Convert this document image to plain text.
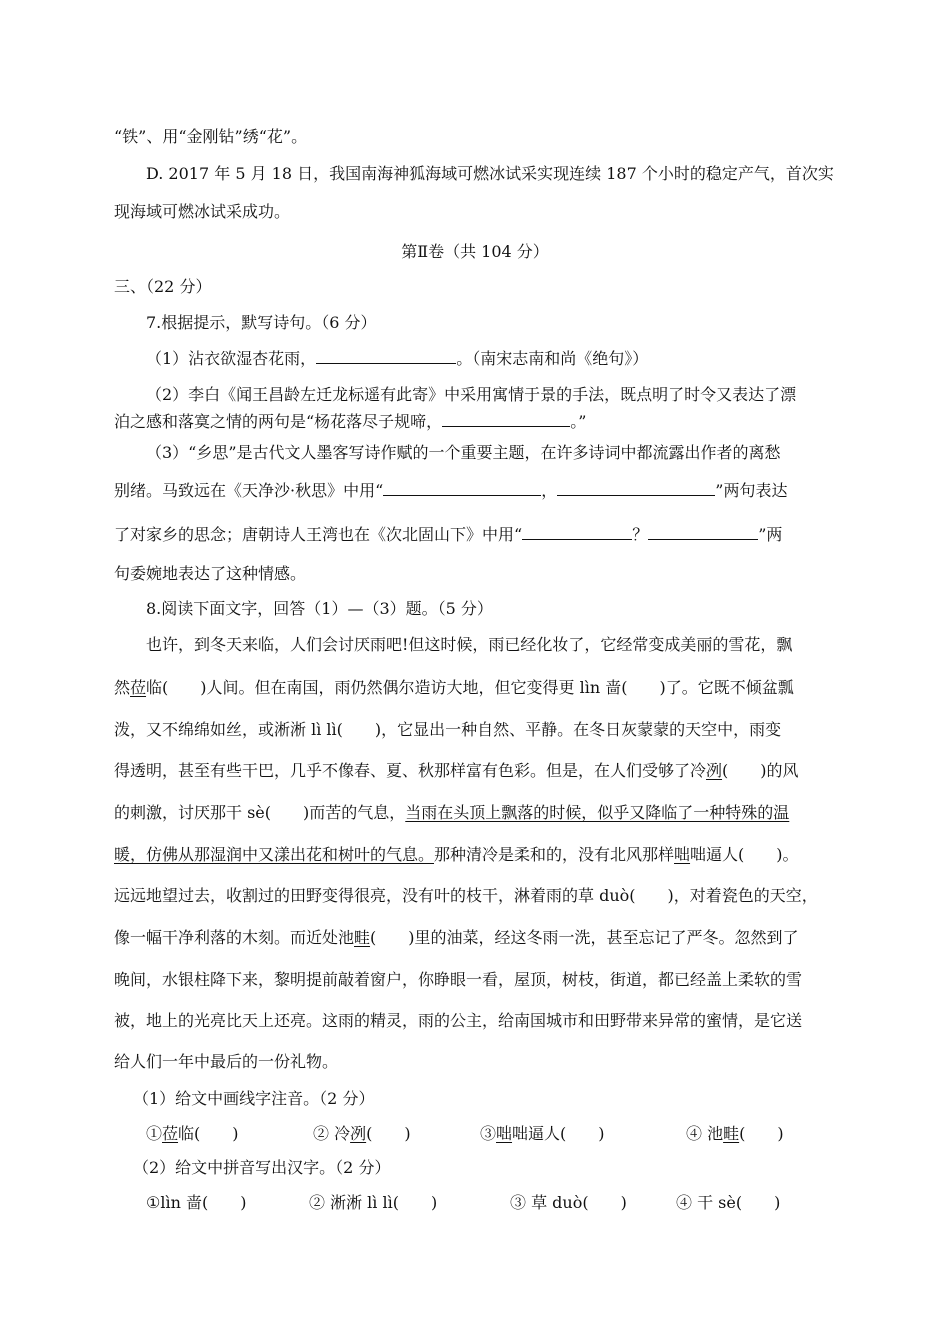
“铁”、用“金刚钻”绣“花”。
D. 2017 年 5 月 18 日，我国南海神狐海域可燃冰试采实现连续 187 个小时的稳定产气，首次实
现海域可燃冰试采成功。
第Ⅱ卷（共 104 分）
三、（22 分）
7.根据提示，默写诗句。（6 分）
（1）沾衣欲湿杏花雨，	。（南宋志南和尚《绝句》）
（2）李白《闻王昌龄左迁龙标遥有此寄》中采用寓情于景的手法，既点明了时令又表达了漂
泊之感和落寞之情的两句是“杨花落尽子规啼，	。”
（3）“乡思”是古代文人墨客写诗作赋的一个重要主题，在许多诗词中都流露出作者的离愁
别绪。马致远在《天净沙·秋思》中用“	，	”两句表达
了对家乡的思念；唐朝诗人王湾也在《次北固山下》中用“	？	”两
句委婉地表达了这种情感。
8.阅读下面文字，回答（1）—（3）题。（5 分）
也许，到冬天来临，人们会讨厌雨吧!但这时候，雨已经化妆了，它经常变成美丽的雪花，飘
然莅临(　　)人间。但在南国，雨仍然偶尔造访大地，但它变得更 lìn 啬(　　)了。它既不倾盆瓢
泼，又不绵绵如丝，或淅淅 lì lì(　　)，它显出一种自然、平静。在冬日灰蒙蒙的天空中，雨变
得透明，甚至有些干巴，几乎不像春、夏、秋那样富有色彩。但是，在人们受够了冷冽(　　)的风
的刺激，讨厌那干 sè(　　)而苦的气息，当雨在头顶上飘落的时候，似乎又降临了一种特殊的温
暖，仿佛从那湿润中又漾出花和树叶的气息。那种清冷是柔和的，没有北风那样咄咄逼人(　　)。
远远地望过去，收割过的田野变得很亮，没有叶的枝干，淋着雨的草 duò(　　)，对着瓷色的天空，
像一幅干净利落的木刻。而近处池畦(　　)里的油菜，经这冬雨一洗，甚至忘记了严冬。忽然到了
晚间，水银柱降下来，黎明提前敲着窗户，你睁眼一看，屋顶，树枝，街道，都已经盖上柔软的雪
被，地上的光亮比天上还亮。这雨的精灵，雨的公主，给南国城市和田野带来异常的蜜情，是它送
给人们一年中最后的一份礼物。
（1）给文中画线字注音。（2 分）
①莅临(　　)	② 冷冽(　　)	③咄咄逼人(　　)	④ 池畦(　　)
（2）给文中拼音写出汉字。（2 分）
①lìn 啬(　　)	② 淅淅 lì lì(　　)	③ 草 duò(　　)	④ 干 sè(　　)
